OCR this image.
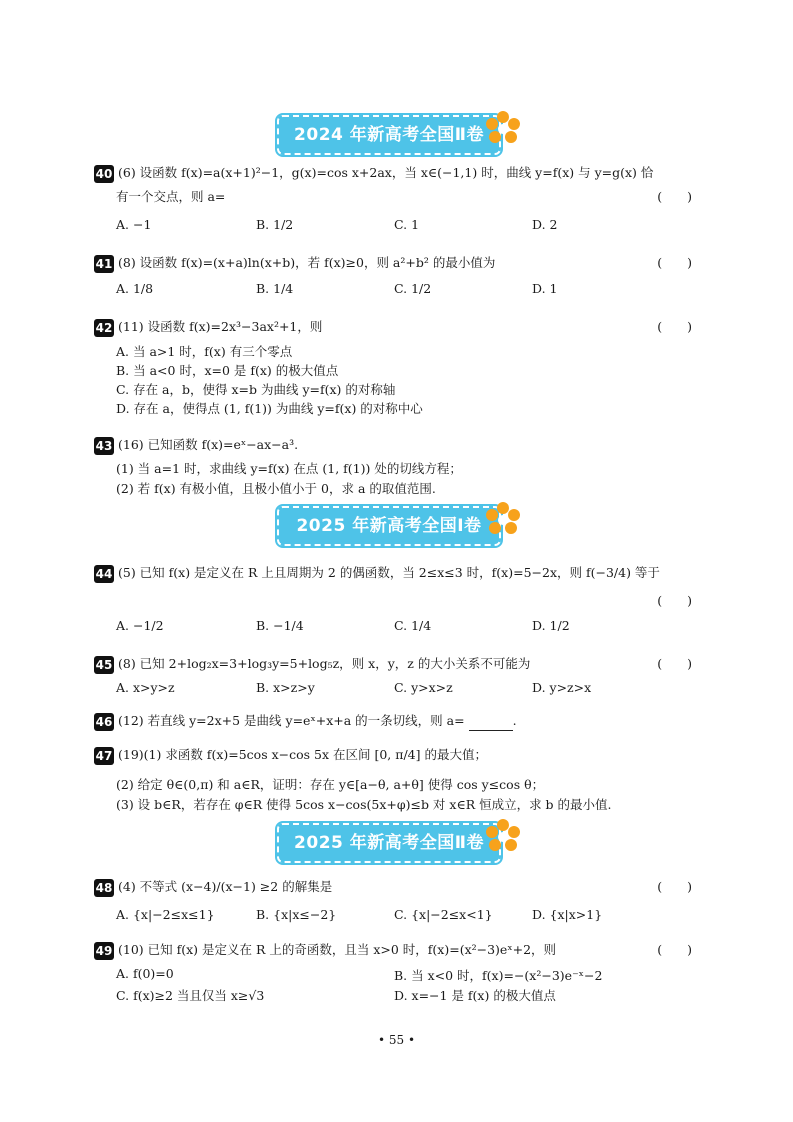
2024 年新高考全国Ⅱ卷
40 (6) 设函数 f(x)=a(x+1)²−1，g(x)=cos x+2ax，当 x∈(−1,1) 时，曲线 y=f(x) 与 y=g(x) 恰
有一个交点，则 a=	(　　)
A. −1	B. 1/2	C. 1	D. 2
41 (8) 设函数 f(x)=(x+a)ln(x+b)，若 f(x)≥0，则 a²+b² 的最小值为	(　　)
A. 1/8	B. 1/4	C. 1/2	D. 1
42 (11) 设函数 f(x)=2x³−3ax²+1，则	(　　)
A. 当 a>1 时，f(x) 有三个零点
B. 当 a<0 时，x=0 是 f(x) 的极大值点
C. 存在 a，b，使得 x=b 为曲线 y=f(x) 的对称轴
D. 存在 a，使得点 (1, f(1)) 为曲线 y=f(x) 的对称中心
43 (16) 已知函数 f(x)=eˣ−ax−a³.
(1) 当 a=1 时，求曲线 y=f(x) 在点 (1, f(1)) 处的切线方程；
(2) 若 f(x) 有极小值，且极小值小于 0，求 a 的取值范围.
2025 年新高考全国Ⅰ卷
44 (5) 已知 f(x) 是定义在 R 上且周期为 2 的偶函数，当 2≤x≤3 时，f(x)=5−2x，则 f(−3/4) 等于
(　　)
A. −1/2	B. −1/4	C. 1/4	D. 1/2
45 (8) 已知 2+log₂x=3+log₃y=5+log₅z，则 x，y，z 的大小关系不可能为	(　　)
A. x>y>z	B. x>z>y	C. y>x>z	D. y>z>x
46 (12) 若直线 y=2x+5 是曲线 y=eˣ+x+a 的一条切线，则 a=	.
47 (19)(1) 求函数 f(x)=5cos x−cos 5x 在区间 [0, π/4] 的最大值；
(2) 给定 θ∈(0,π) 和 a∈R，证明：存在 y∈[a−θ, a+θ] 使得 cos y≤cos θ；
(3) 设 b∈R，若存在 φ∈R 使得 5cos x−cos(5x+φ)≤b 对 x∈R 恒成立，求 b 的最小值.
2025 年新高考全国Ⅱ卷
48 (4) 不等式 (x−4)/(x−1) ≥2 的解集是	(　　)
A. {x|−2≤x≤1}	B. {x|x≤−2}	C. {x|−2≤x<1}	D. {x|x>1}
49 (10) 已知 f(x) 是定义在 R 上的奇函数，且当 x>0 时，f(x)=(x²−3)eˣ+2，则	(　　)
A. f(0)=0	B. 当 x<0 时，f(x)=−(x²−3)e⁻ˣ−2
C. f(x)≥2 当且仅当 x≥√3	D. x=−1 是 f(x) 的极大值点
• 55 •
